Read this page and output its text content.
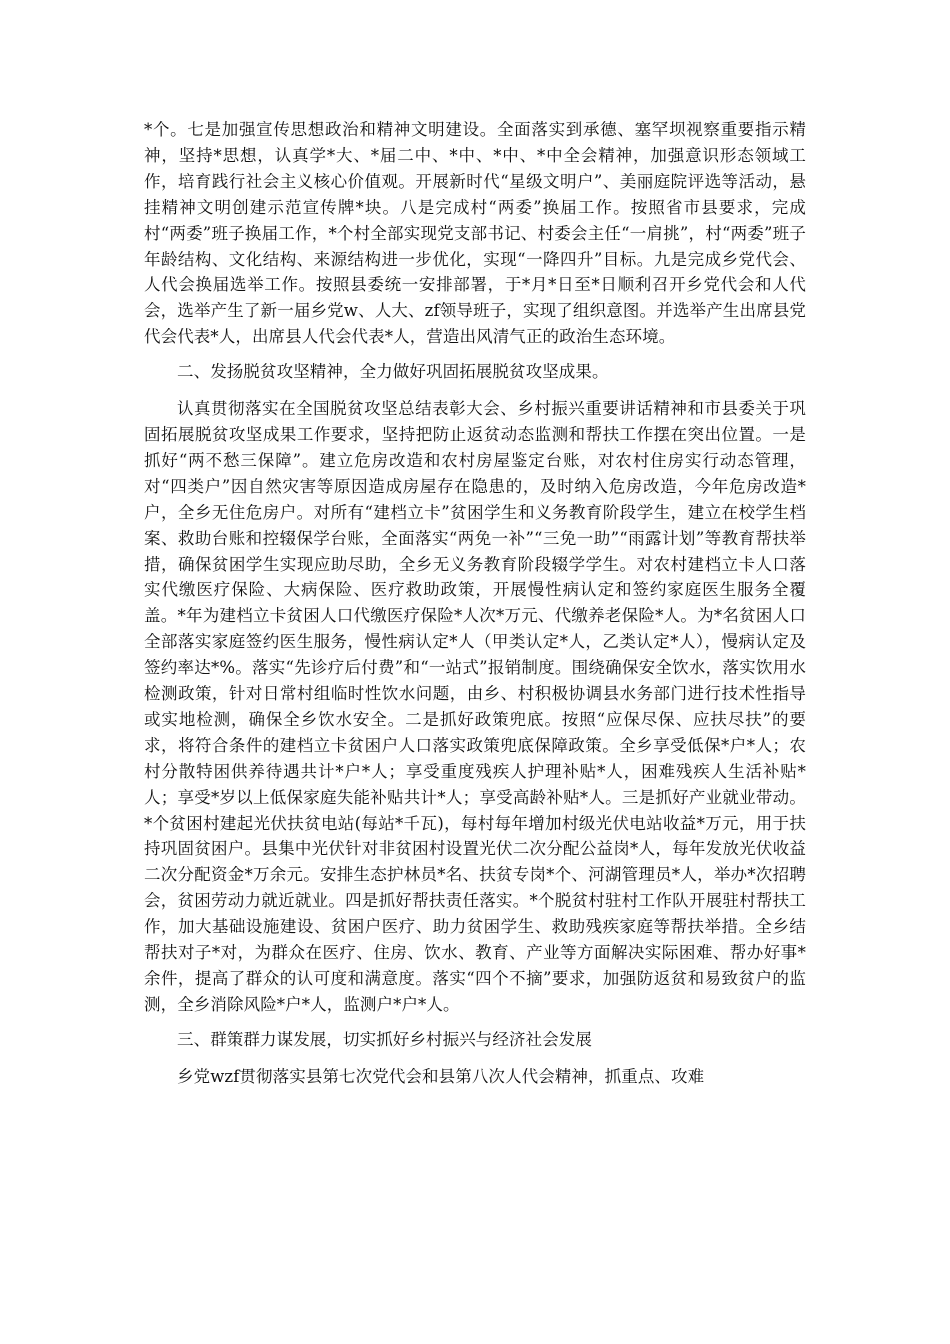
*个。七是加强宣传思想政治和精神文明建设。全面落实到承德、塞罕坝视察重要指示精神，坚持*思想，认真学*大、*届二中、*中、*中、*中全会精神，加强意识形态领域工作，培育践行社会主义核心价值观。开展新时代“星级文明户”、美丽庭院评选等活动，悬挂精神文明创建示范宣传牌*块。八是完成村“两委”换届工作。按照省市县要求，完成村“两委”班子换届工作，*个村全部实现党支部书记、村委会主任“一肩挑”，村“两委”班子年龄结构、文化结构、来源结构进一步优化，实现“一降四升”目标。九是完成乡党代会、人代会换届选举工作。按照县委统一安排部署，于*月*日至*日顺利召开乡党代会和人代会，选举产生了新一届乡党w、人大、zf领导班子，实现了组织意图。并选举产生出席县党代会代表*人，出席县人代会代表*人，营造出风清气正的政治生态环境。

二、发扬脱贫攻坚精神，全力做好巩固拓展脱贫攻坚成果。

认真贯彻落实在全国脱贫攻坚总结表彰大会、乡村振兴重要讲话精神和市县委关于巩固拓展脱贫攻坚成果工作要求，坚持把防止返贫动态监测和帮扶工作摆在突出位置。一是抓好“两不愁三保障”。建立危房改造和农村房屋鉴定台账，对农村住房实行动态管理，对“四类户”因自然灾害等原因造成房屋存在隐患的，及时纳入危房改造，今年危房改造*户，全乡无住危房户。对所有“建档立卡”贫困学生和义务教育阶段学生，建立在校学生档案、救助台账和控辍保学台账，全面落实“两免一补”“三免一助”“雨露计划”等教育帮扶举措，确保贫困学生实现应助尽助，全乡无义务教育阶段辍学学生。对农村建档立卡人口落实代缴医疗保险、大病保险、医疗救助政策，开展慢性病认定和签约家庭医生服务全覆盖。*年为建档立卡贫困人口代缴医疗保险*人次*万元、代缴养老保险*人。为*名贫困人口全部落实家庭签约医生服务，慢性病认定*人（甲类认定*人，乙类认定*人），慢病认定及签约率达*%。落实“先诊疗后付费”和“一站式”报销制度。围绕确保安全饮水，落实饮用水检测政策，针对日常村组临时性饮水问题，由乡、村积极协调县水务部门进行技术性指导或实地检测，确保全乡饮水安全。二是抓好政策兜底。按照“应保尽保、应扶尽扶”的要求，将符合条件的建档立卡贫困户人口落实政策兜底保障政策。全乡享受低保*户*人；农村分散特困供养待遇共计*户*人；享受重度残疾人护理补贴*人，困难残疾人生活补贴*人；享受*岁以上低保家庭失能补贴共计*人；享受高龄补贴*人。三是抓好产业就业带动。*个贫困村建起光伏扶贫电站(每站*千瓦)，每村每年增加村级光伏电站收益*万元，用于扶持巩固贫困户。县集中光伏针对非贫困村设置光伏二次分配公益岗*人，每年发放光伏收益二次分配资金*万余元。安排生态护林员*名、扶贫专岗*个、河湖管理员*人，举办*次招聘会，贫困劳动力就近就业。四是抓好帮扶责任落实。*个脱贫村驻村工作队开展驻村帮扶工作，加大基础设施建设、贫困户医疗、助力贫困学生、救助残疾家庭等帮扶举措。全乡结帮扶对子*对，为群众在医疗、住房、饮水、教育、产业等方面解决实际困难、帮办好事*余件，提高了群众的认可度和满意度。落实“四个不摘”要求，加强防返贫和易致贫户的监测，全乡消除风险*户*人，监测户*户*人。

三、群策群力谋发展，切实抓好乡村振兴与经济社会发展

乡党wzf贯彻落实县第七次党代会和县第八次人代会精神，抓重点、攻难
